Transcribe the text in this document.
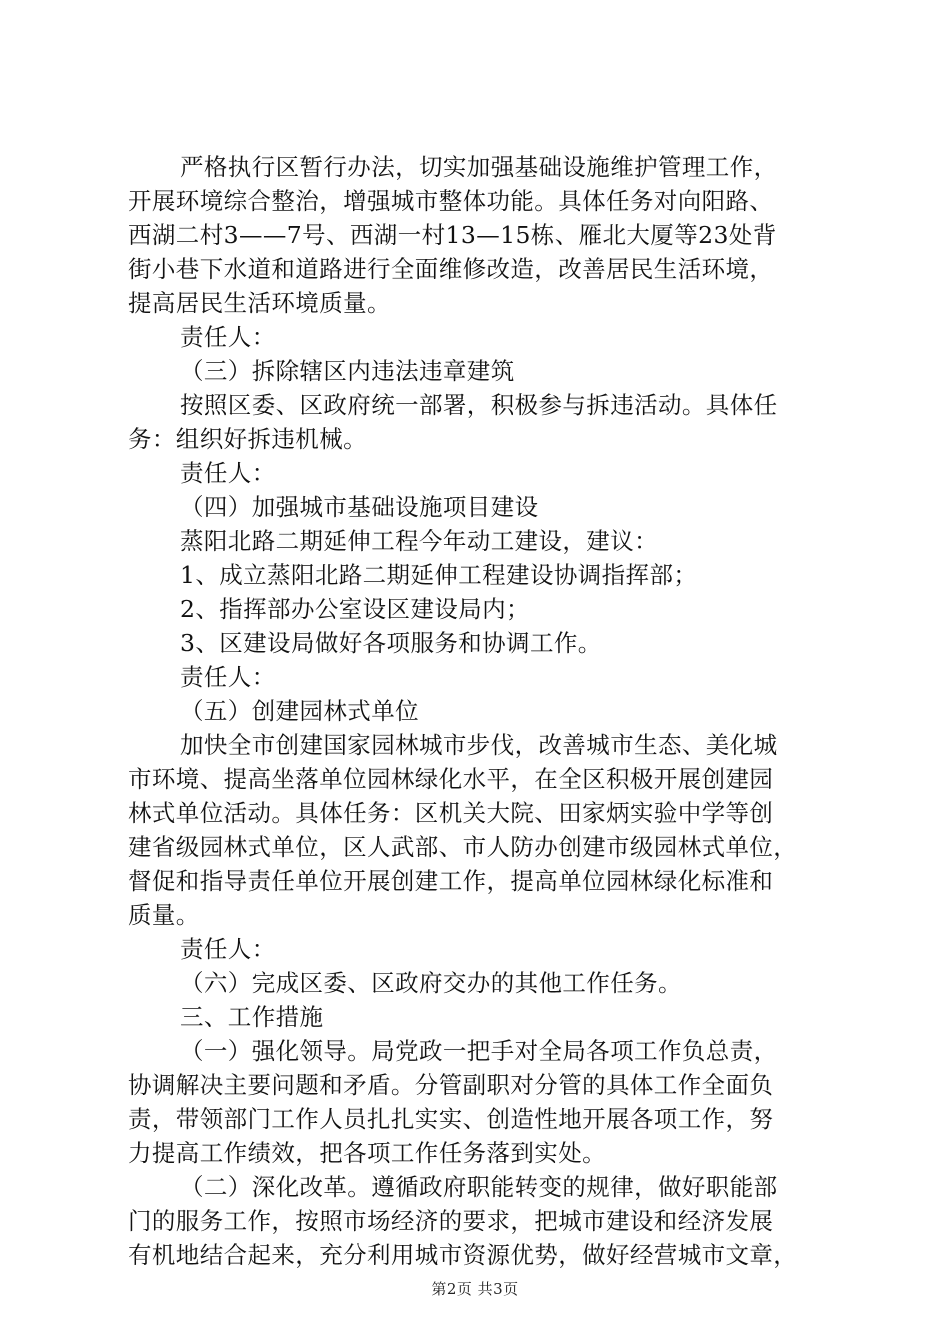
严格执行区暂行办法，切实加强基础设施维护管理工作，
开展环境综合整治，增强城市整体功能。具体任务对向阳路、
西湖二村3——7号、西湖一村13—15栋、雁北大厦等23处背
街小巷下水道和道路进行全面维修改造，改善居民生活环境，
提高居民生活环境质量。
责任人：
（三）拆除辖区内违法违章建筑
按照区委、区政府统一部署，积极参与拆违活动。具体任
务：组织好拆违机械。
责任人：
（四）加强城市基础设施项目建设
蒸阳北路二期延伸工程今年动工建设，建议：
1、成立蒸阳北路二期延伸工程建设协调指挥部；
2、指挥部办公室设区建设局内；
3、区建设局做好各项服务和协调工作。
责任人：
（五）创建园林式单位
加快全市创建国家园林城市步伐，改善城市生态、美化城
市环境、提高坐落单位园林绿化水平，在全区积极开展创建园
林式单位活动。具体任务：区机关大院、田家炳实验中学等创
建省级园林式单位，区人武部、市人防办创建市级园林式单位，
督促和指导责任单位开展创建工作，提高单位园林绿化标准和
质量。
责任人：
（六）完成区委、区政府交办的其他工作任务。
三、工作措施
（一）强化领导。局党政一把手对全局各项工作负总责，
协调解决主要问题和矛盾。分管副职对分管的具体工作全面负
责，带领部门工作人员扎扎实实、创造性地开展各项工作，努
力提高工作绩效，把各项工作任务落到实处。
（二）深化改革。遵循政府职能转变的规律，做好职能部
门的服务工作，按照市场经济的要求，把城市建设和经济发展
有机地结合起来，充分利用城市资源优势，做好经营城市文章，
第2页 共3页
